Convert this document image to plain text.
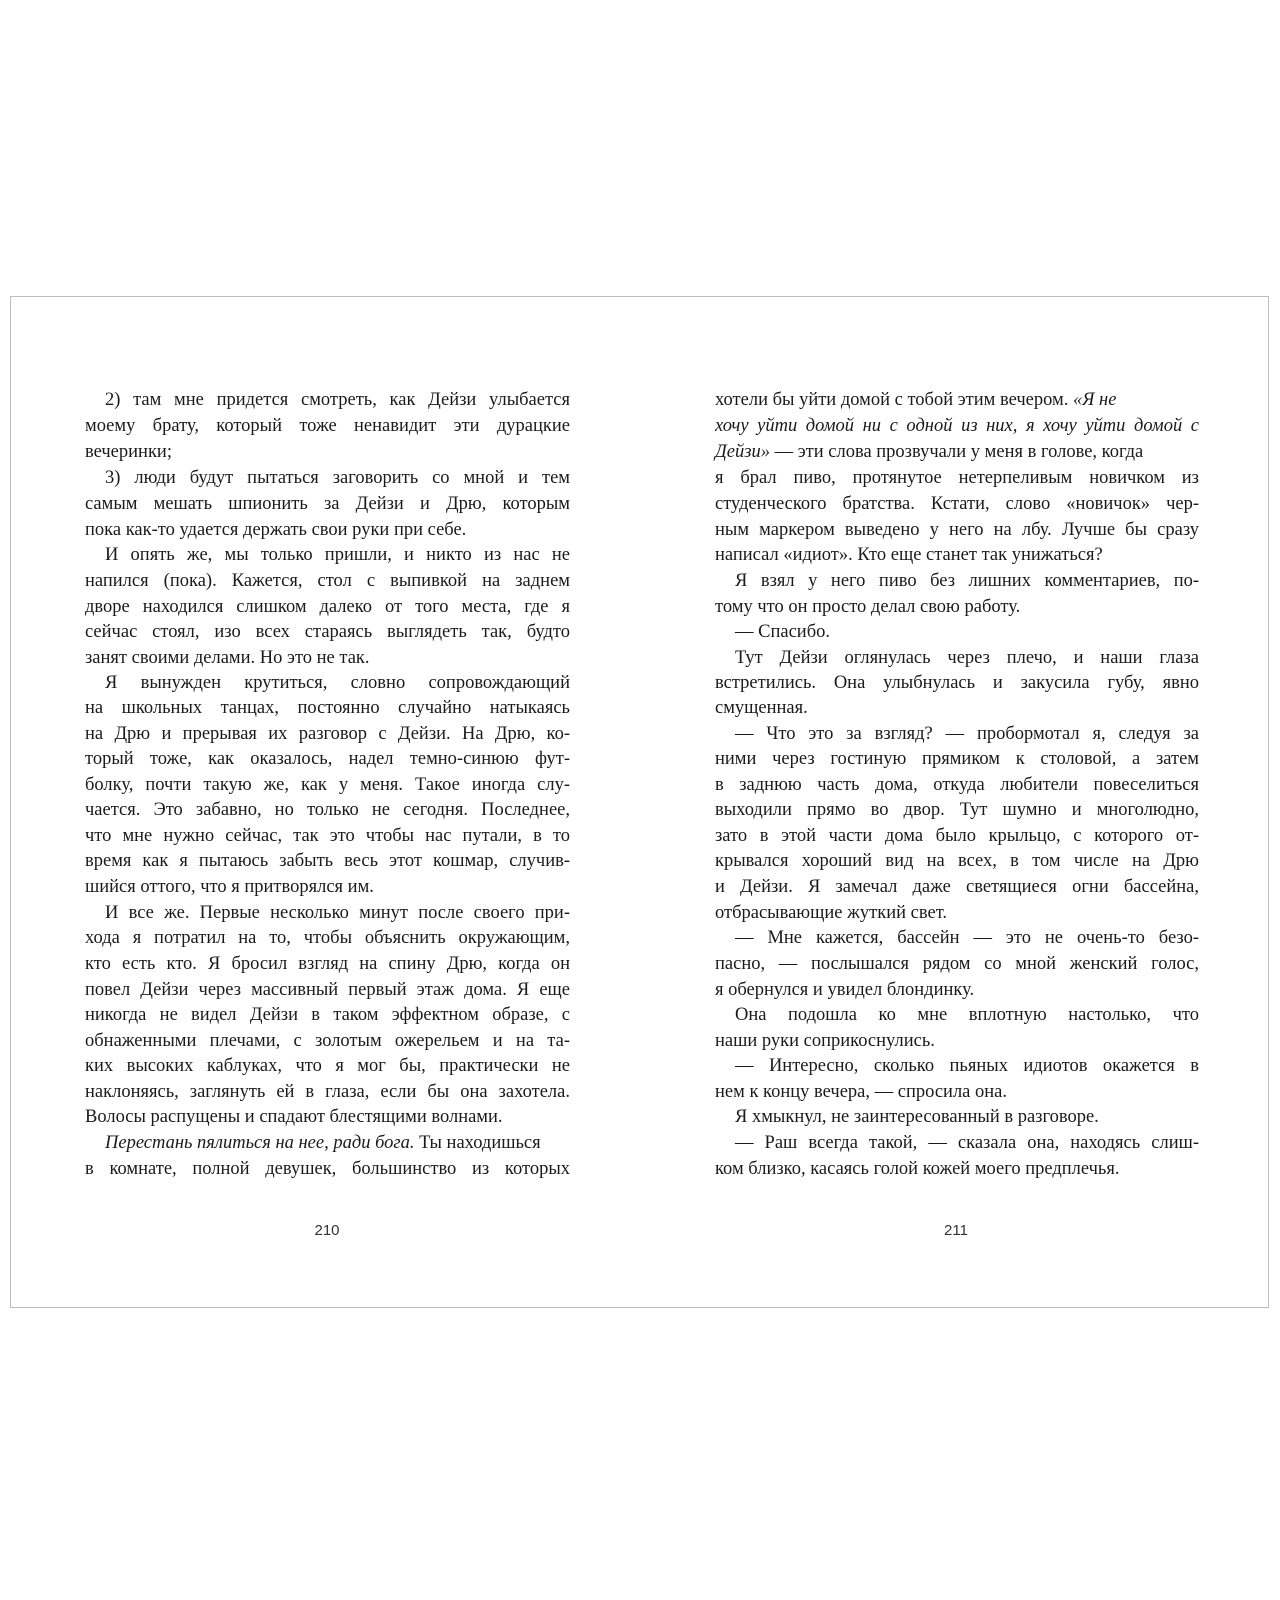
2) там мне придется смотреть, как Дейзи улыбается
моему брату, который тоже ненавидит эти дурацкие
вечеринки;
3) люди будут пытаться заговорить со мной и тем
самым мешать шпионить за Дейзи и Дрю, которым
пока как-то удается держать свои руки при себе.
И опять же, мы только пришли, и никто из нас не
напился (пока). Кажется, стол с выпивкой на заднем
дворе находился слишком далеко от того места, где я
сейчас стоял, изо всех стараясь выглядеть так, будто
занят своими делами. Но это не так.
Я вынужден крутиться, словно сопровождающий
на школьных танцах, постоянно случайно натыкаясь
на Дрю и прерывая их разговор с Дейзи. На Дрю, ко-
торый тоже, как оказалось, надел темно-синюю фут-
болку, почти такую же, как у меня. Такое иногда слу-
чается. Это забавно, но только не сегодня. Последнее,
что мне нужно сейчас, так это чтобы нас путали, в то
время как я пытаюсь забыть весь этот кошмар, случив-
шийся оттого, что я притворялся им.
И все же. Первые несколько минут после своего при-
хода я потратил на то, чтобы объяснить окружающим,
кто есть кто. Я бросил взгляд на спину Дрю, когда он
повел Дейзи через массивный первый этаж дома. Я еще
никогда не видел Дейзи в таком эффектном образе, с
обнаженными плечами, с золотым ожерельем и на та-
ких высоких каблуках, что я мог бы, практически не
наклоняясь, заглянуть ей в глаза, если бы она захотела.
Волосы распущены и спадают блестящими волнами.
Перестань пялиться на нее, ради бога. Ты находишься
в комнате, полной девушек, большинство из которых
210
хотели бы уйти домой с тобой этим вечером. «Я не
хочу уйти домой ни с одной из них, я хочу уйти домой с
Дейзи» — эти слова прозвучали у меня в голове, когда
я брал пиво, протянутое нетерпеливым новичком из
студенческого братства. Кстати, слово «новичок» чер-
ным маркером выведено у него на лбу. Лучше бы сразу
написал «идиот». Кто еще станет так унижаться?
Я взял у него пиво без лишних комментариев, по-
тому что он просто делал свою работу.
— Спасибо.
Тут Дейзи оглянулась через плечо, и наши глаза
встретились. Она улыбнулась и закусила губу, явно
смущенная.
— Что это за взгляд? — пробормотал я, следуя за
ними через гостиную прямиком к столовой, а затем
в заднюю часть дома, откуда любители повеселиться
выходили прямо во двор. Тут шумно и многолюдно,
зато в этой части дома было крыльцо, с которого от-
крывался хороший вид на всех, в том числе на Дрю
и Дейзи. Я замечал даже светящиеся огни бассейна,
отбрасывающие жуткий свет.
— Мне кажется, бассейн — это не очень-то безо-
пасно, — послышался рядом со мной женский голос,
я обернулся и увидел блондинку.
Она подошла ко мне вплотную настолько, что
наши руки соприкоснулись.
— Интересно, сколько пьяных идиотов окажется в
нем к концу вечера, — спросила она.
Я хмыкнул, не заинтересованный в разговоре.
— Раш всегда такой, — сказала она, находясь слиш-
ком близко, касаясь голой кожей моего предплечья.
211
